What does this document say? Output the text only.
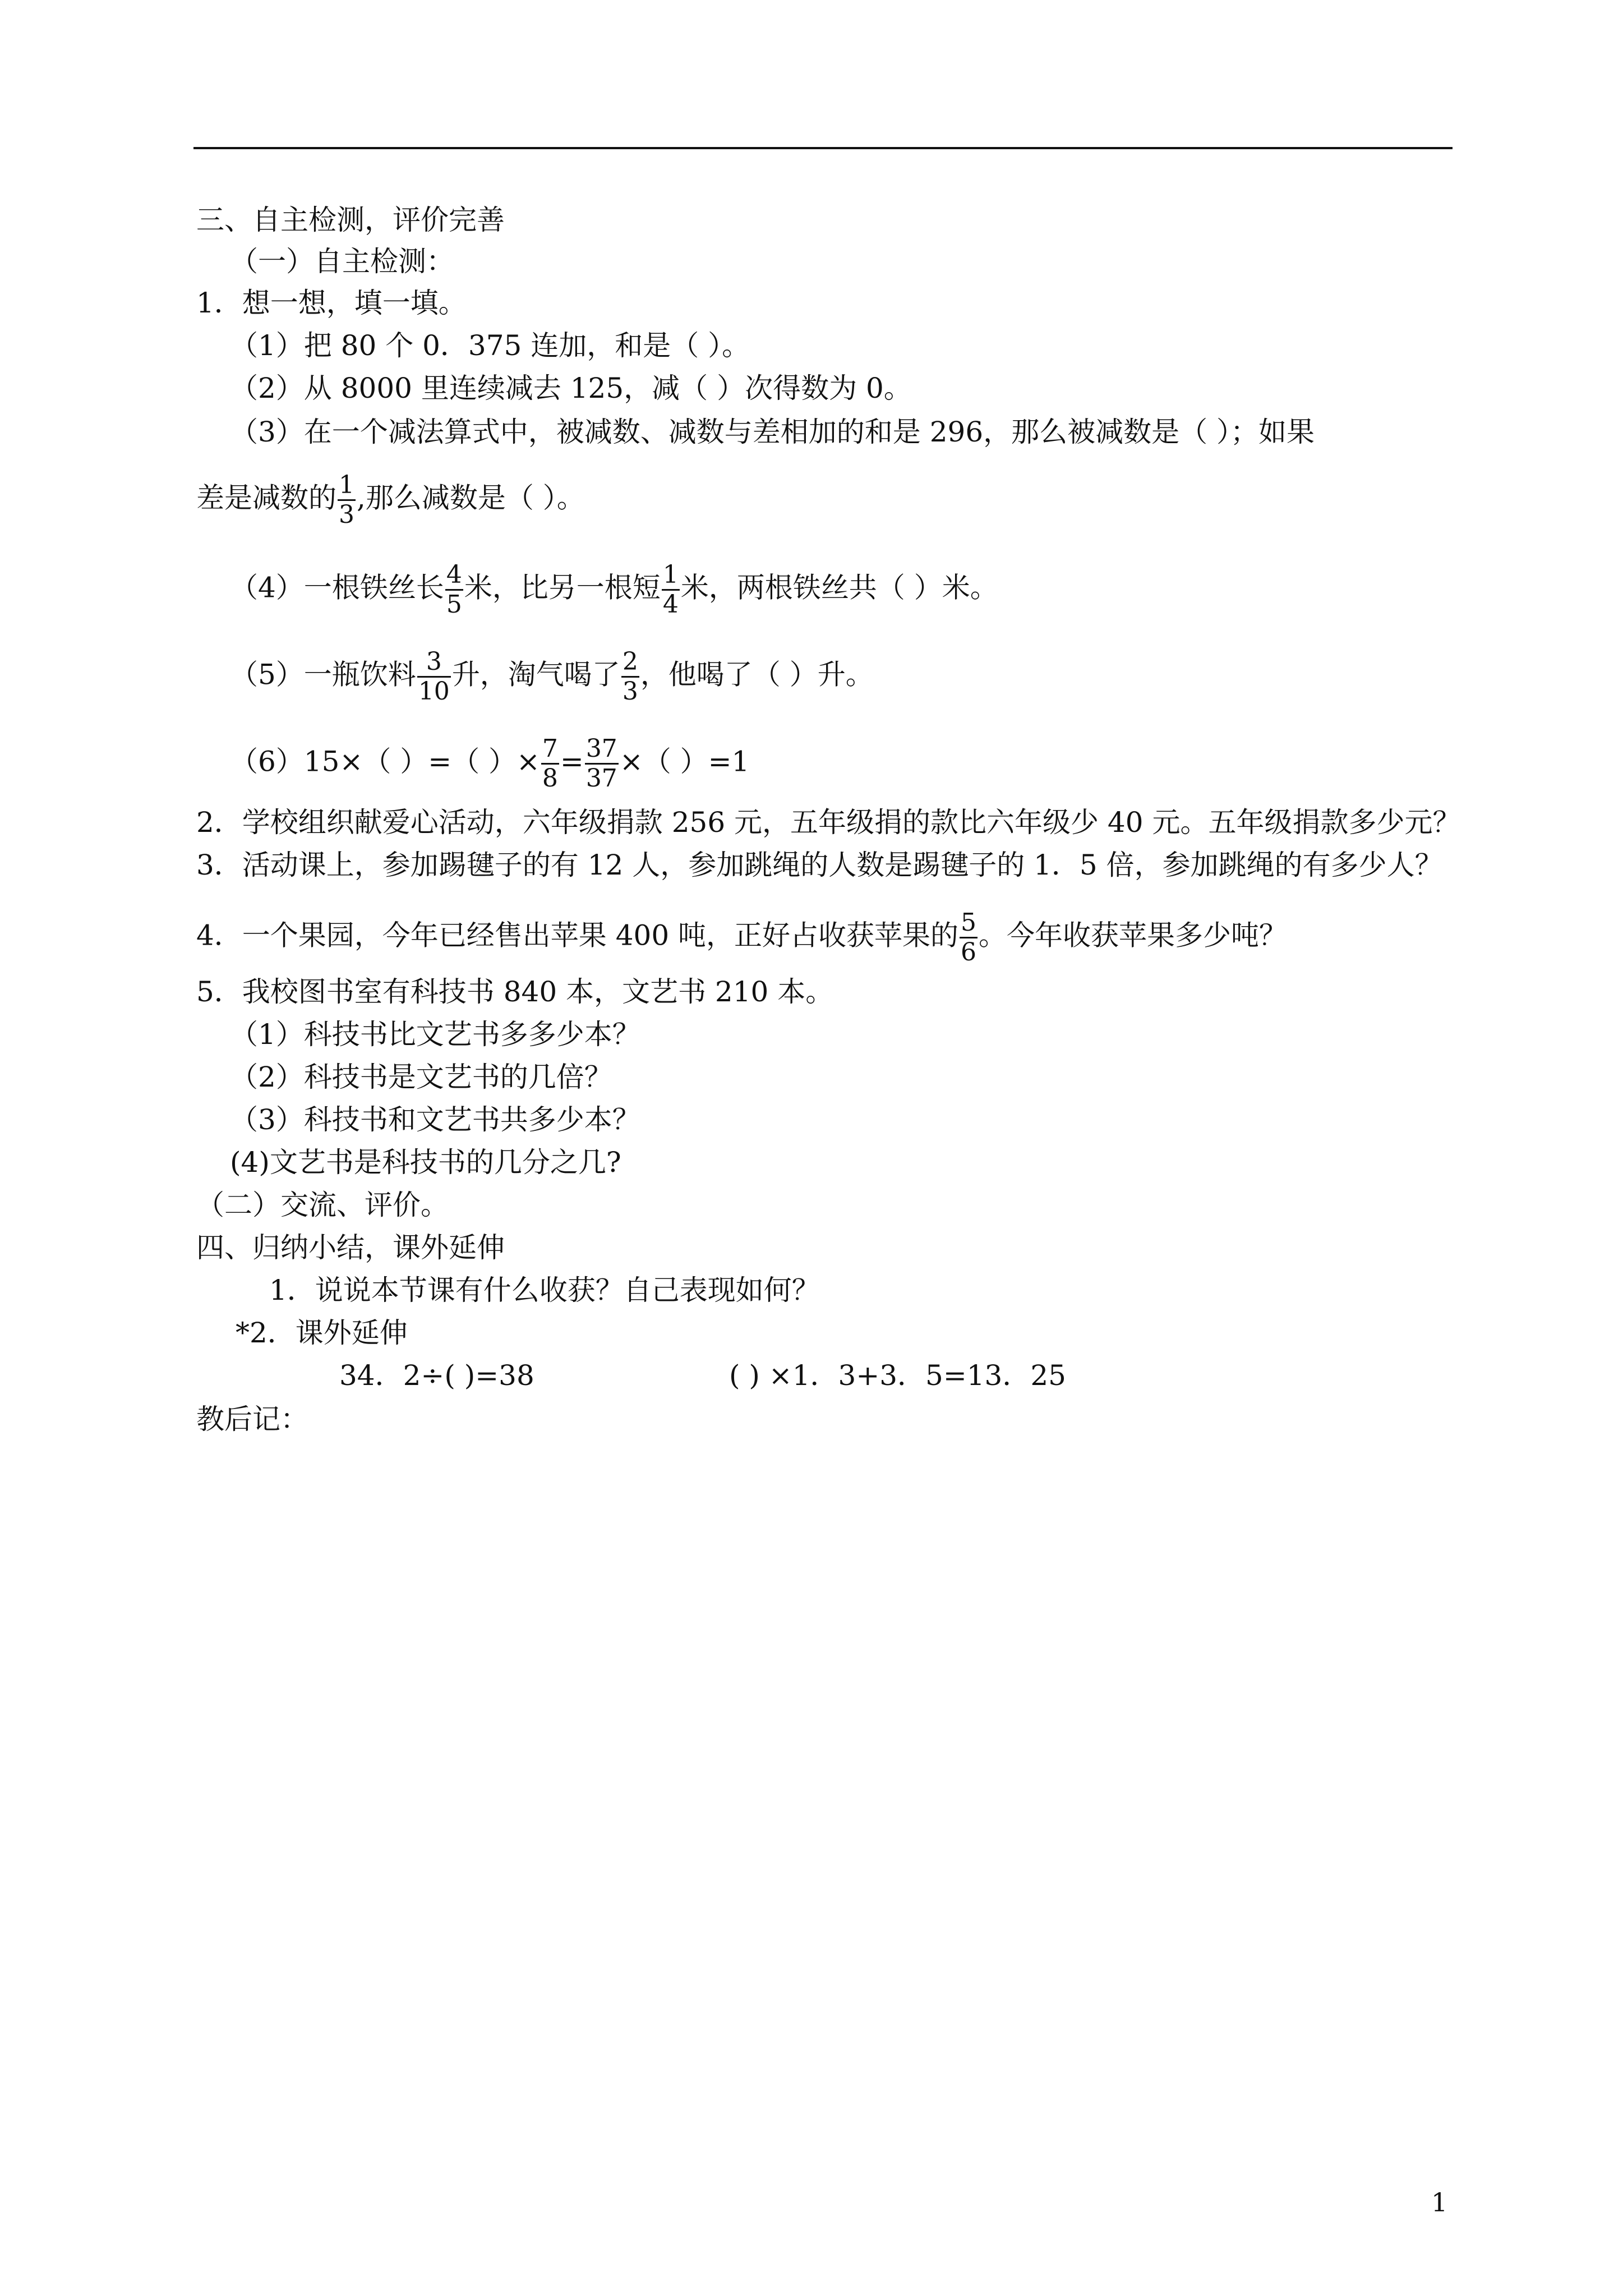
三、自主检测，评价完善
（一）自主检测：
1．想一想，填一填。
（1）把 80 个 0．375 连加，和是（ ）。
（2）从 8000 里连续减去 125，减（ ）次得数为 0。
（3）在一个减法算式中，被减数、减数与差相加的和是 296，那么被减数是（ ）；如果
差是减数的 $\frac{1}{3}$ ,那么减数是（ ）。
（4）一根铁丝长 $\frac{4}{5}$ 米，比另一根短 $\frac{1}{4}$ 米，两根铁丝共（ ）米。
（5）一瓶饮料 $\frac{3}{10}$ 升，淘气喝了 $\frac{2}{3}$ ，他喝了（ ）升。
（6）15×（ ）=（ ）× $\frac{7}{8} = \frac{37}{37}$ ×（ ）=1
2．学校组织献爱心活动，六年级捐款 256 元，五年级捐的款比六年级少 40 元。五年级捐款多少元？
3．活动课上，参加踢毽子的有 12 人，参加跳绳的人数是踢毽子的 1．5 倍，参加跳绳的有多少人？
4．一个果园，今年已经售出苹果 400 吨，正好占收获苹果的 $\frac{5}{6}$ 。今年收获苹果多少吨？
5．我校图书室有科技书 840 本，文艺书 210 本。
（1）科技书比文艺书多多少本？
（2）科技书是文艺书的几倍？
（3）科技书和文艺书共多少本？
(4)文艺书是科技书的几分之几?
（二）交流、评价。
四、归纳小结，课外延伸
1．说说本节课有什么收获？自己表现如何？
*2．课外延伸
34．2÷( )=38	( ) ×1．3+3．5=13．25
教后记：
1
